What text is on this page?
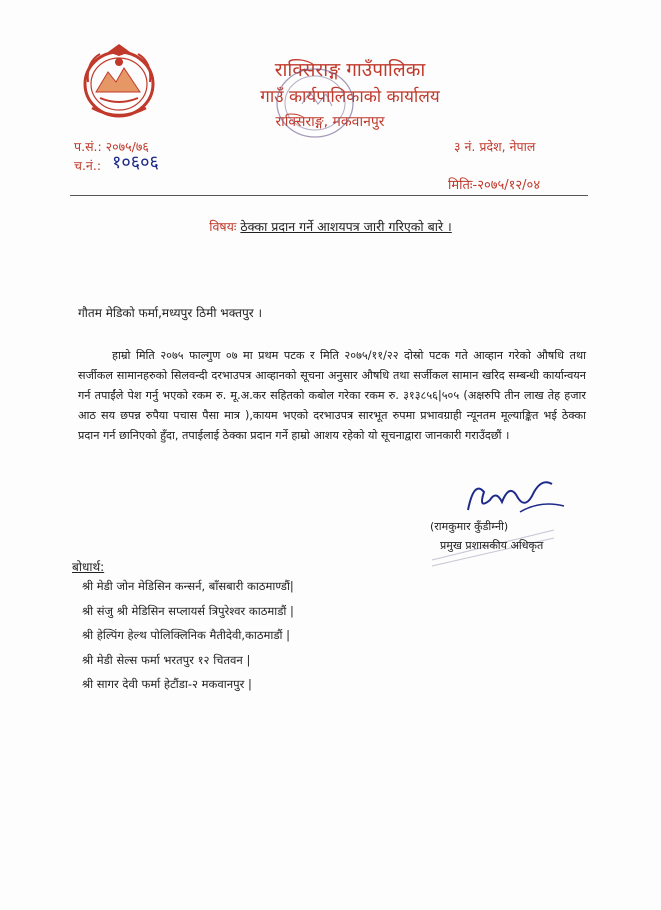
राक्सिराङ्ग गाउँपालिका
गाउँ कार्यपालिकाको कार्यालय
राक्सिराङ्ग, मकवानपुर
प.सं.: २०७५/७६
च.नं.: १०६०६
३ नं. प्रदेश, नेपाल
मितिः-२०७५/१२/०४
विषयः ठेक्का प्रदान गर्ने आशयपत्र जारी गरिएको बारे ।
गौतम मेडिको फर्मा,मध्यपुर ठिमी भक्तपुर ।
हाम्रो मिति २०७५ फाल्गुण ०७ मा प्रथम पटक र मिति २०७५/११/२२ दोस्रो पटक गते आव्हान गरेको औषधि तथा सर्जीकल सामानहरुको सिलवन्दी दरभाउपत्र आव्हानको सूचना अनुसार औषधि तथा सर्जीकल सामान खरिद सम्बन्धी कार्यान्वयन गर्न तपाईंले पेश गर्नु भएको रकम रु. मू.अ.कर सहितको कबोल गरेका रकम रु. ३१३८५६|५०५ (अक्षरुपि तीन लाख तेह हजार आठ सय छपन्न रुपैया पचास पैसा मात्र ),कायम भएको दरभाउपत्र सारभूत रुपमा प्रभावग्राही न्यूनतम मूल्याङ्कित भई ठेक्का प्रदान गर्न छानिएको हुँदा, तपाईलाई ठेक्का प्रदान गर्ने हाम्रो आशय रहेको यो सूचनाद्वारा जानकारी गराउँदछौं ।
(रामकुमार कुँडीम्नी)
प्रमुख प्रशासकीय अधिकृत
बोधार्थ:
श्री मेडी जोन मेडिसिन कन्सर्न, बाँसबारी काठमाण्डौं|
श्री संजु श्री मेडिसिन सप्लायर्स त्रिपुरेश्वर काठमाडौं |
श्री हेल्पिंग हेल्थ पोलिक्लिनिक मैतीदेवी,काठमाडौं |
श्री मेडी सेल्स फर्मा भरतपुर १२ चितवन |
श्री सागर देवी फर्मा हेटौंडा-२ मकवानपुर |
